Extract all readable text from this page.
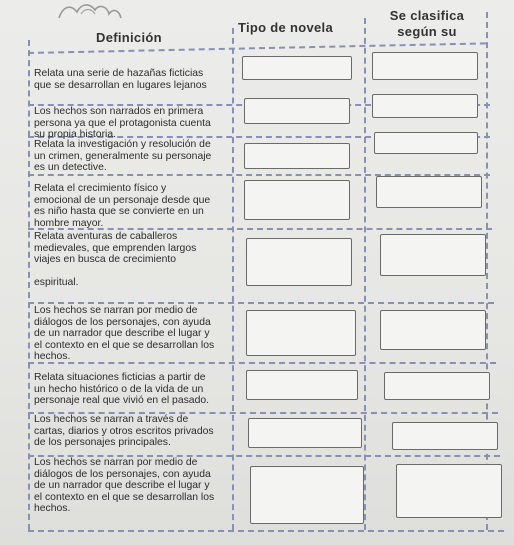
Definición
Tipo de novela
Se clasifica
según su
Relata una serie de hazañas ficticias
que se desarrollan en lugares lejanos
Los hechos son narrados en primera
persona ya que el protagonista cuenta
su propia historia.
Relata la investigación y resolución de
un crimen, generalmente su personaje
es un detective.
Relata el crecimiento físico y
emocional de un personaje desde que
es niño hasta que se convierte en un
hombre mayor.
Relata aventuras de caballeros
medievales, que emprenden largos
viajes en busca de crecimiento

espiritual.
Los hechos se narran por medio de
diálogos de los personajes, con ayuda
de un narrador que describe el lugar y
el contexto en el que se desarrollan los
hechos.
Relata situaciones ficticias a partir de
un hecho histórico o de la vida de un
personaje real que vivió en el pasado.
Los hechos se narran a través de
cartas, diarios y otros escritos privados
de los personajes principales.
Los hechos se narran por medio de
diálogos de los personajes, con ayuda
de un narrador que describe el lugar y
el contexto en el que se desarrollan los
hechos.
